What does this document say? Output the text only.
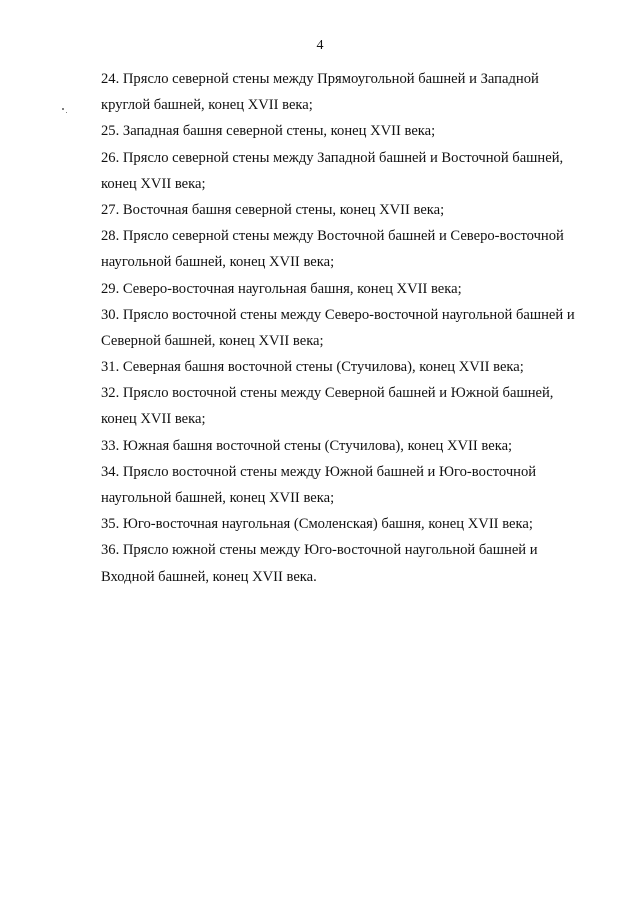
4
24. Прясло северной стены между Прямоугольной башней и Западной
круглой башней, конец XVII века;
25. Западная башня северной стены, конец XVII века;
26. Прясло северной стены между Западной башней и Восточной башней,
конец XVII века;
27. Восточная башня северной стены, конец XVII века;
28. Прясло северной стены между Восточной башней и Северо-восточной
наугольной башней, конец XVII века;
29. Северо-восточная наугольная башня, конец XVII века;
30. Прясло восточной стены между Северо-восточной наугольной башней и
Северной башней, конец XVII века;
31. Северная башня восточной стены (Стучилова), конец XVII века;
32. Прясло восточной стены между Северной башней и Южной башней,
конец XVII века;
33. Южная башня восточной стены (Стучилова), конец XVII века;
34. Прясло восточной стены между Южной башней и Юго-восточной
наугольной башней, конец XVII века;
35. Юго-восточная наугольная (Смоленская) башня, конец XVII века;
36. Прясло южной стены между Юго-восточной наугольной башней и
Входной башней, конец XVII века.
